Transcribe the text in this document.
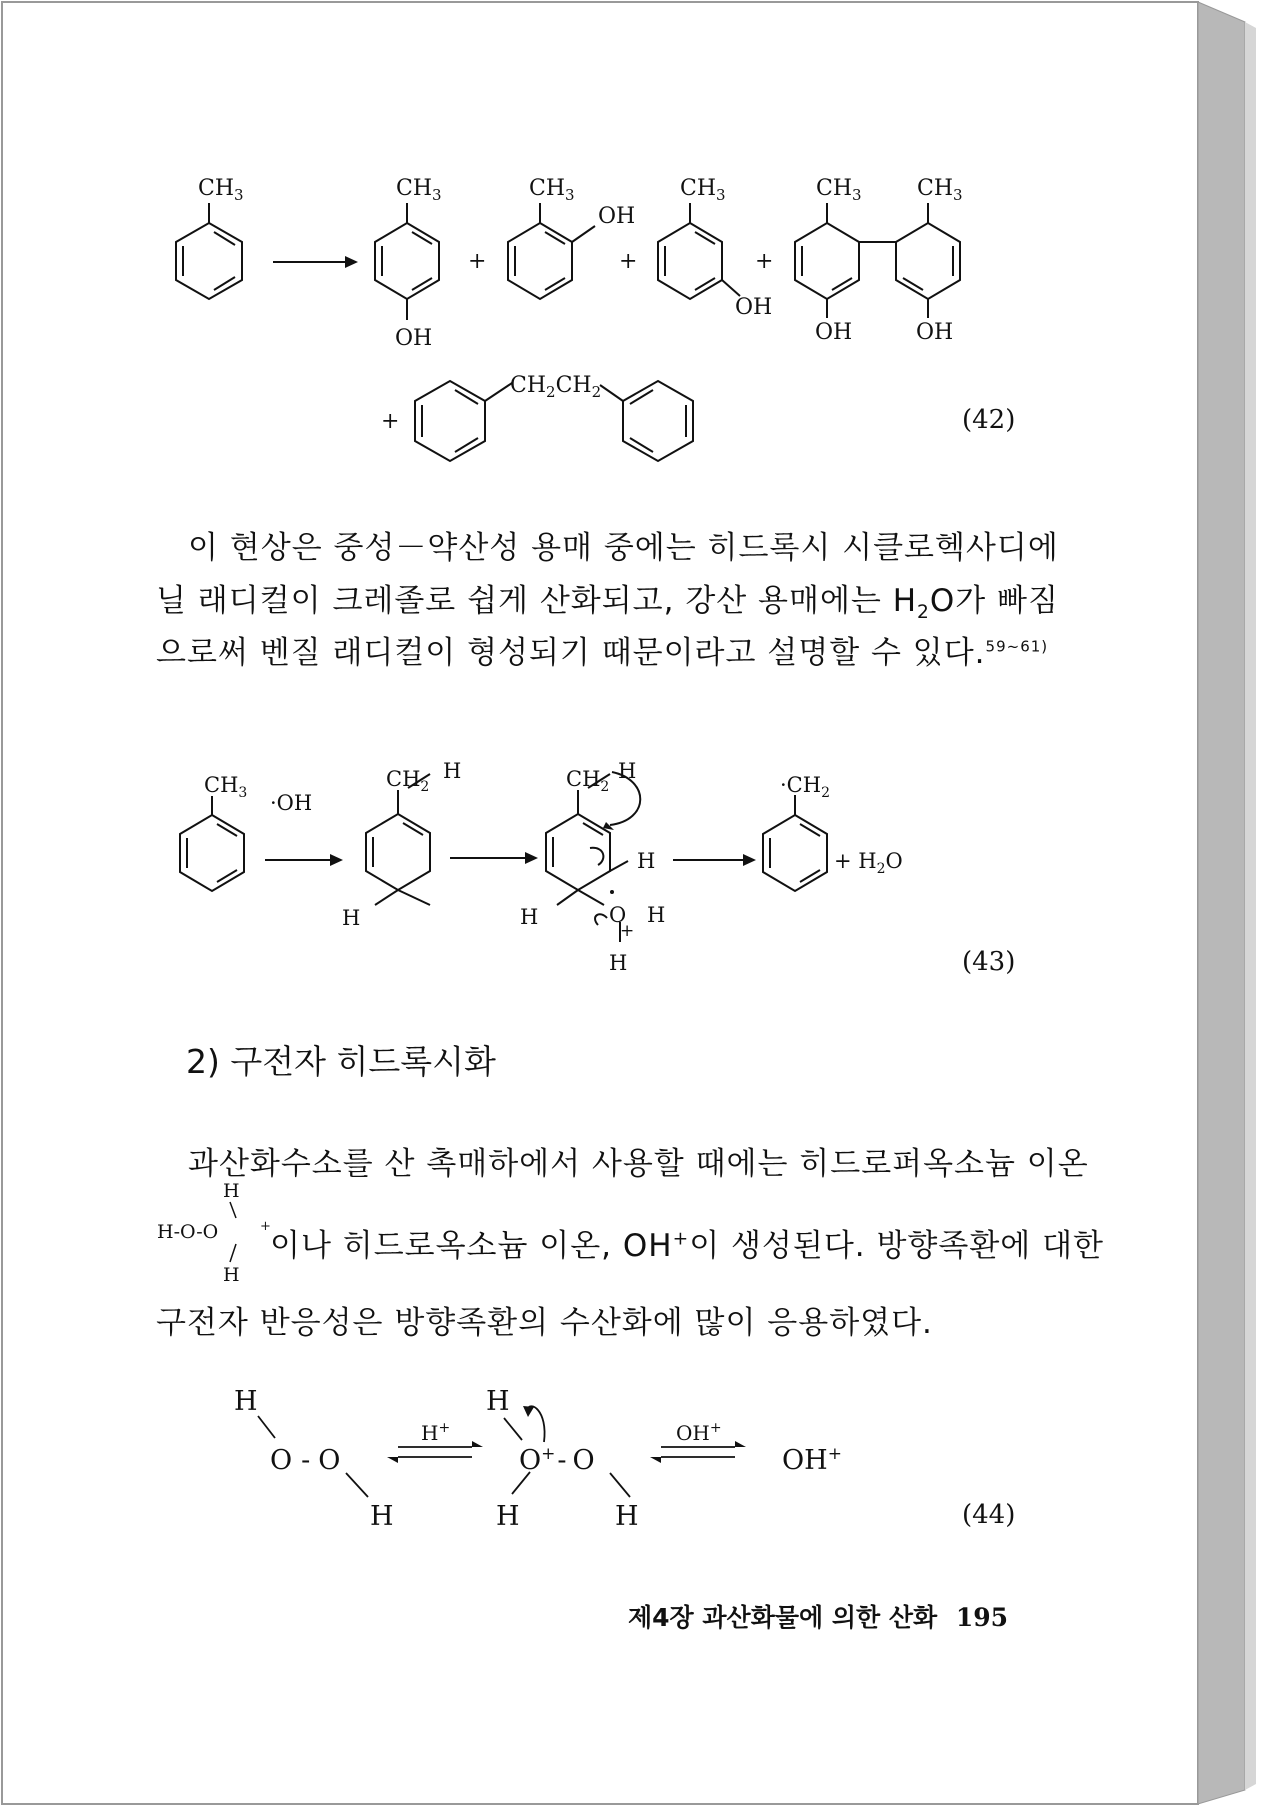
$CH_3$	$CH_3$	$CH_3$	$CH_3$	$CH_3$	$CH_3$
OH
OH
OH
OH	OH
+	+	+
+
$CH_2CH_2$
(42)
이 현상은 중성－약산성 용매 중에는 히드록시 시클로헥사디에
닐 래디컬이 크레졸로 쉽게 산화되고, 강산 용매에는 $H_2O$가 빠짐
으로써 벤질 래디컬이 형성되기 때문이라고 설명할 수 있다.$^{59\sim 61)}$
$CH_3 \cdot OH$
$CH_2$
H
H
$CH_2$
H
H
H	O
+
H
H
$\cdot CH_2$
+ $H_2O$
(43)
2) 구전자 히드록시화
과산화수소를 산 촉매하에서 사용할 때에는 히드로퍼옥소늄 이온
H
H-O-O	+
H
이나 히드로옥소늄 이온, OH+이 생성된다. 방향족환에 대한
구전자 반응성은 방향족환의 수산화에 많이 응용하였다.
H
O - O
H
H+
H
O+- O
H	H
OH+
OH+
(44)
제4장 과산화물에 의한 산화 195
